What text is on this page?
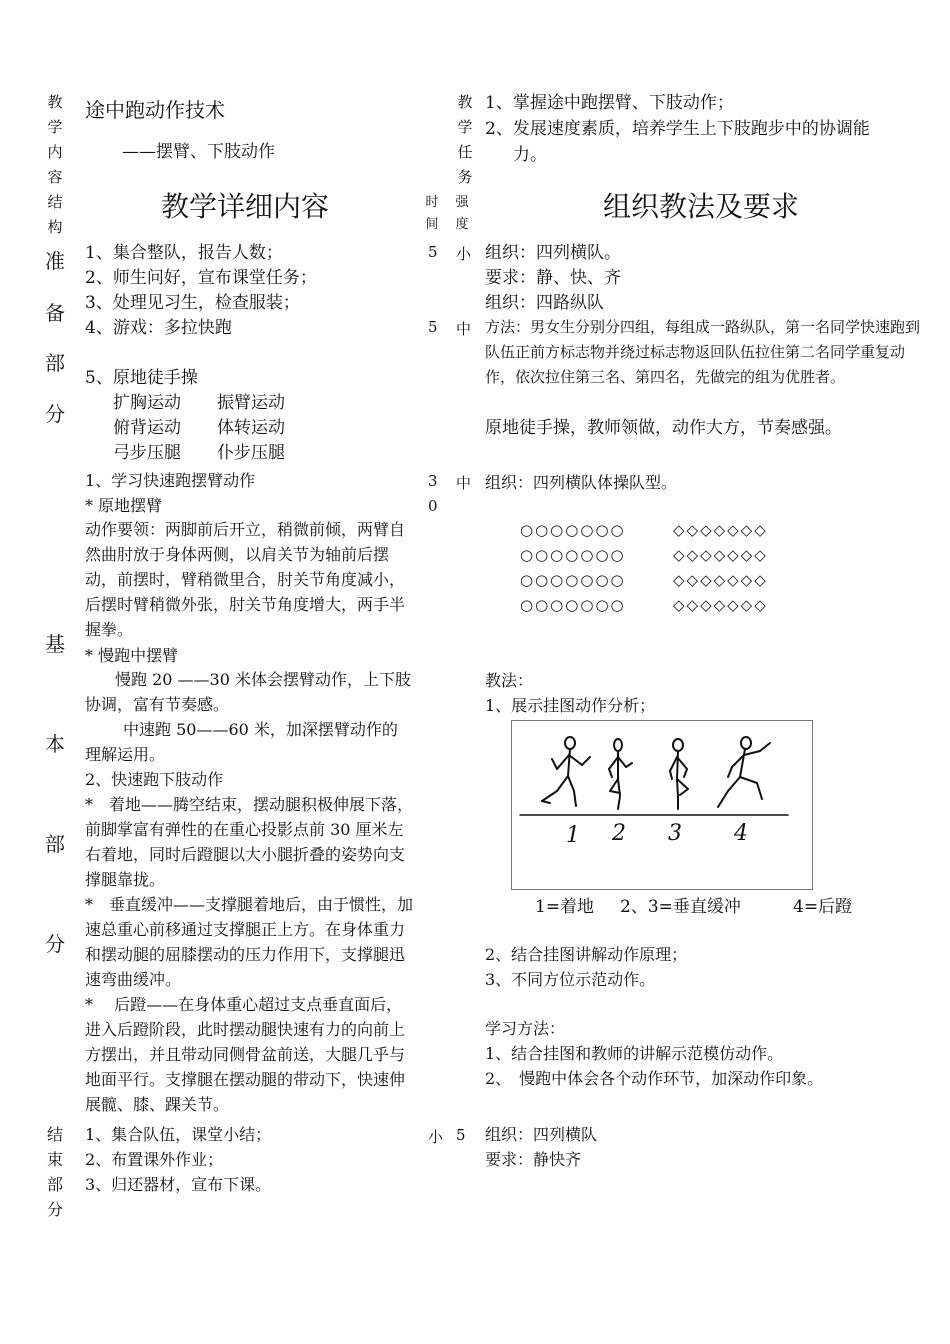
教
学
内
容
结
构
途中跑动作技术
——摆臂、下肢动作
教
学
任
务
1、掌握途中跑摆臂、下肢动作；
2、发展速度素质，培养学生上下肢跑步中的协调能
力。
教学详细内容	时
间
强
度
组织教法及要求
准
备
部
分
1、集合整队，报告人数；
2、师生问好，宣布课堂任务；
3、处理见习生，检查服装；
4、游戏：多拉快跑
5、原地徒手操
扩胸运动 振臂运动
俯背运动 体转运动
弓步压腿 仆步压腿
5 小
5 中
组织：四列横队。
要求：静、快、齐
组织：四路纵队
方法：男女生分别分四组，每组成一路纵队，第一名同学快速跑到队伍正前方标志物并绕过标志物返回队伍拉住第二名同学重复动作，依次拉住第三名、第四名，先做完的组为优胜者。
原地徒手操，教师领做，动作大方，节奏感强。
基
本
部
分
1、学习快速跑摆臂动作
* 原地摆臂
动作要领：两脚前后开立，稍微前倾，两臂自然曲肘放于身体两侧，以肩关节为轴前后摆动，前摆时，臂稍微里合，肘关节角度减小，后摆时臂稍微外张，肘关节角度增大，两手半握拳。
* 慢跑中摆臂
慢跑 20 ——30 米体会摆臂动作，上下肢协调，富有节奏感。
中速跑 50——60 米，加深摆臂动作的理解运用。
2、快速跑下肢动作
*　着地——腾空结束，摆动腿积极伸展下落，前脚掌富有弹性的在重心投影点前 30 厘米左右着地，同时后蹬腿以大小腿折叠的姿势向支撑腿靠拢。
*　垂直缓冲——支撑腿着地后，由于惯性，加速总重心前移通过支撑腿正上方。在身体重力和摆动腿的屈膝摆动的压力作用下，支撑腿迅速弯曲缓冲。
*　 后蹬——在身体重心超过支点垂直面后，进入后蹬阶段，此时摆动腿快速有力的向前上方摆出，并且带动同侧骨盆前送，大腿几乎与地面平行。支撑腿在摆动腿的带动下，快速伸展髋、膝、踝关节。
3
0
中 组织：四列横队体操队型。
○○○○○○○
○○○○○○○
○○○○○○○
○○○○○○○
◇◇◇◇◇◇◇
◇◇◇◇◇◇◇
◇◇◇◇◇◇◇
◇◇◇◇◇◇◇
教法：
1、展示挂图动作分析；
1 2 3 4
1=着地 2、3=垂直缓冲	4=后蹬
2、结合挂图讲解动作原理；
3、不同方位示范动作。
学习方法：
1、结合挂图和教师的讲解示范模仿动作。
2、　慢跑中体会各个动作环节，加深动作印象。
结
束
部
分
1、集合队伍，课堂小结；
2、布置课外作业；
3、归还器材，宣布下课。
小 5 组织：四列横队
要求：静快齐
